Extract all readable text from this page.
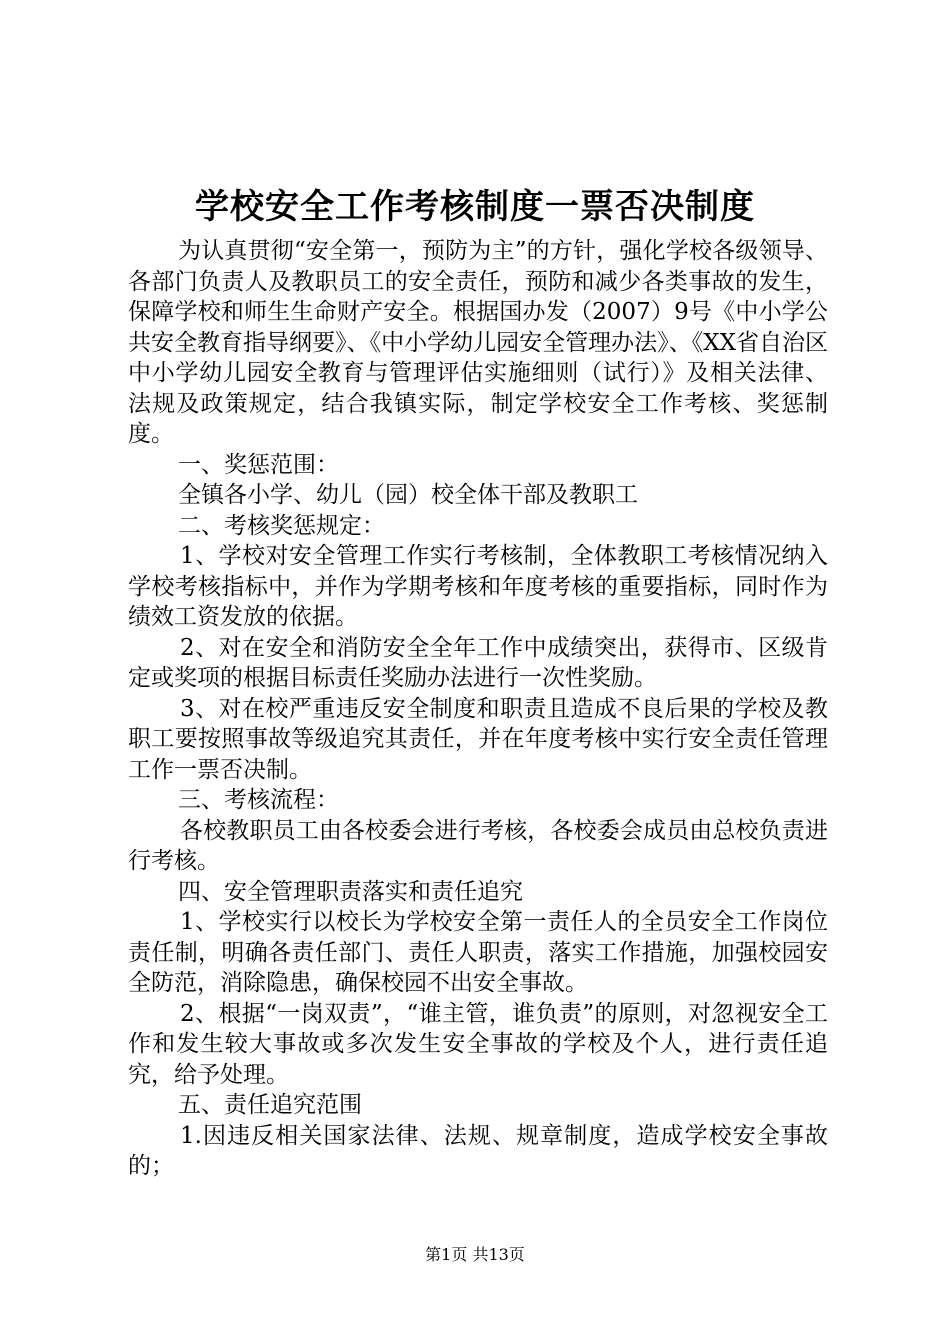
学校安全工作考核制度一票否决制度

为认真贯彻“安全第一，预防为主”的方针，强化学校各级领导、各部门负责人及教职员工的安全责任，预防和减少各类事故的发生，保障学校和师生生命财产安全。根据国办发（2007）9号《中小学公共安全教育指导纲要》、《中小学幼儿园安全管理办法》、《XX省自治区中小学幼儿园安全教育与管理评估实施细则（试行）》及相关法律、法规及政策规定，结合我镇实际，制定学校安全工作考核、奖惩制度。

一、奖惩范围：

全镇各小学、幼儿（园）校全体干部及教职工

二、考核奖惩规定：

1、学校对安全管理工作实行考核制，全体教职工考核情况纳入学校考核指标中，并作为学期考核和年度考核的重要指标，同时作为绩效工资发放的依据。

2、对在安全和消防安全全年工作中成绩突出，获得市、区级肯定或奖项的根据目标责任奖励办法进行一次性奖励。

3、对在校严重违反安全制度和职责且造成不良后果的学校及教职工要按照事故等级追究其责任，并在年度考核中实行安全责任管理工作一票否决制。

三、考核流程：

各校教职员工由各校委会进行考核，各校委会成员由总校负责进行考核。

四、安全管理职责落实和责任追究

1、学校实行以校长为学校安全第一责任人的全员安全工作岗位责任制，明确各责任部门、责任人职责，落实工作措施，加强校园安全防范，消除隐患，确保校园不出安全事故。

2、根据“一岗双责”，“谁主管，谁负责”的原则，对忽视安全工作和发生较大事故或多次发生安全事故的学校及个人，进行责任追究，给予处理。

五、责任追究范围

1.因违反相关国家法律、法规、规章制度，造成学校安全事故的；

第1页 共13页
